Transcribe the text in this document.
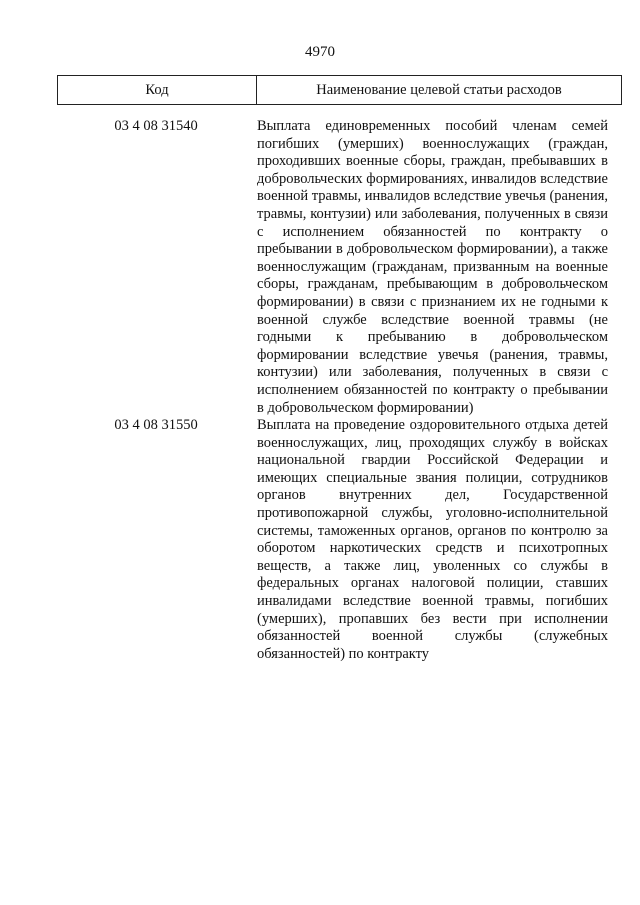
4970
Код	Наименование целевой статьи расходов
03 4 08 31540	Выплата единовременных пособий членам семей погибших (умерших) военнослужащих (граждан, проходивших военные сборы, граждан, пребывавших в добровольческих формированиях, инвалидов вследствие военной травмы, инвалидов вследствие увечья (ранения, травмы, контузии) или заболевания, полученных в связи с исполнением обязанностей по контракту о пребывании в добровольческом формировании), а также военнослужащим (гражданам, призванным на военные сборы, гражданам, пребывающим в добровольческом формировании) в связи с признанием их не годными к военной службе вследствие военной травмы (не годными к пребыванию в добровольческом формировании вследствие увечья (ранения, травмы, контузии) или заболевания, полученных в связи с исполнением обязанностей по контракту о пребывании в добровольческом формировании)
03 4 08 31550	Выплата на проведение оздоровительного отдыха детей военнослужащих, лиц, проходящих службу в войсках национальной гвардии Российской Федерации и имеющих специальные звания полиции, сотрудников органов внутренних дел, Государственной противопожарной службы, уголовно-исполнительной системы, таможенных органов, органов по контролю за оборотом наркотических средств и психотропных веществ, а также лиц, уволенных со службы в федеральных органах налоговой полиции, ставших инвалидами вследствие военной травмы, погибших (умерших), пропавших без вести при исполнении обязанностей военной службы (служебных обязанностей) по контракту
